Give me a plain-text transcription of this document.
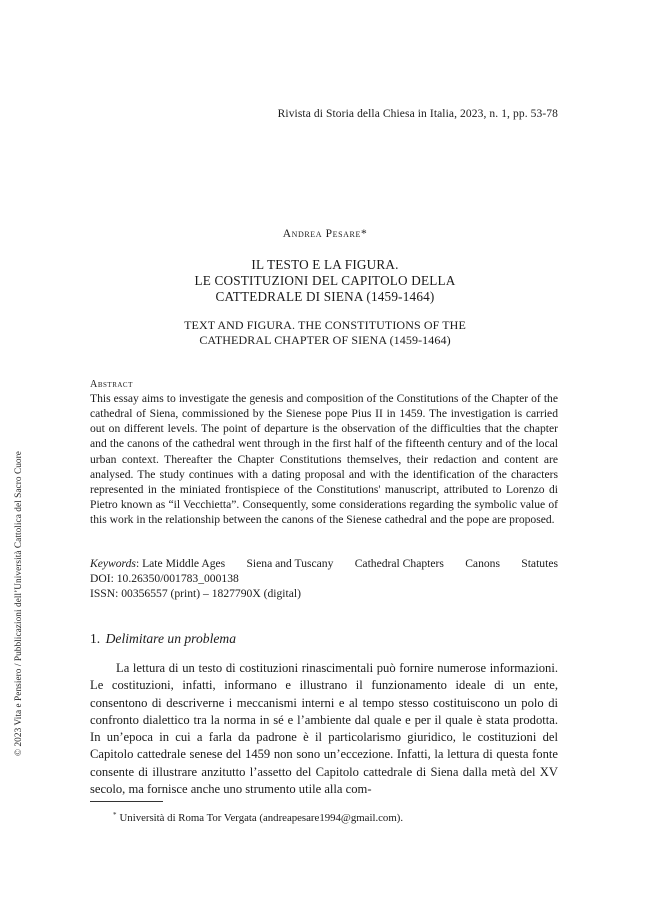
Rivista di Storia della Chiesa in Italia, 2023, n. 1, pp. 53-78
Andrea Pesare*
IL TESTO E LA FIGURA.
LE COSTITUZIONI DEL CAPITOLO DELLA
CATTEDRALE DI SIENA (1459-1464)
TEXT AND FIGURA. THE CONSTITUTIONS OF THE
CATHEDRAL CHAPTER OF SIENA (1459-1464)
Abstract
This essay aims to investigate the genesis and composition of the Constitutions of the Chapter of the cathedral of Siena, commissioned by the Sienese pope Pius II in 1459. The investigation is carried out on different levels. The point of departure is the observation of the difficulties that the chapter and the canons of the cathedral went through in the first half of the fifteenth century and of the local urban context. Thereafter the Chapter Constitutions themselves, their redaction and content are analysed. The study continues with a dating proposal and with the identification of the characters represented in the miniated frontispiece of the Constitutions' manuscript, attributed to Lorenzo di Pietro known as “il Vecchietta”. Consequently, some considerations regarding the symbolic value of this work in the relationship between the canons of the Sienese cathedral and the pope are proposed.
Keywords: Late Middle Ages Siena and Tuscany Cathedral Chapters Canons Statutes
DOI: 10.26350/001783_000138
ISSN: 00356557 (print) – 1827790X (digital)
1. Delimitare un problema
La lettura di un testo di costituzioni rinascimentali può fornire numerose informazioni. Le costituzioni, infatti, informano e illustrano il funzionamento ideale di un ente, consentono di descriverne i meccanismi interni e al tempo stesso costituiscono un polo di confronto dialettico tra la norma in sé e l’ambiente dal quale e per il quale è stata prodotta. In un’epoca in cui a farla da padrone è il particolarismo giuridico, le costituzioni del Capitolo cattedrale senese del 1459 non sono un’eccezione. Infatti, la lettura di questa fonte consente di illustrare anzitutto l’assetto del Capitolo cattedrale di Siena dalla metà del XV secolo, ma fornisce anche uno strumento utile alla com-
* Università di Roma Tor Vergata (andreapesare1994@gmail.com).
© 2023 Vita e Pensiero / Pubblicazioni dell’Università Cattolica del Sacro Cuore
